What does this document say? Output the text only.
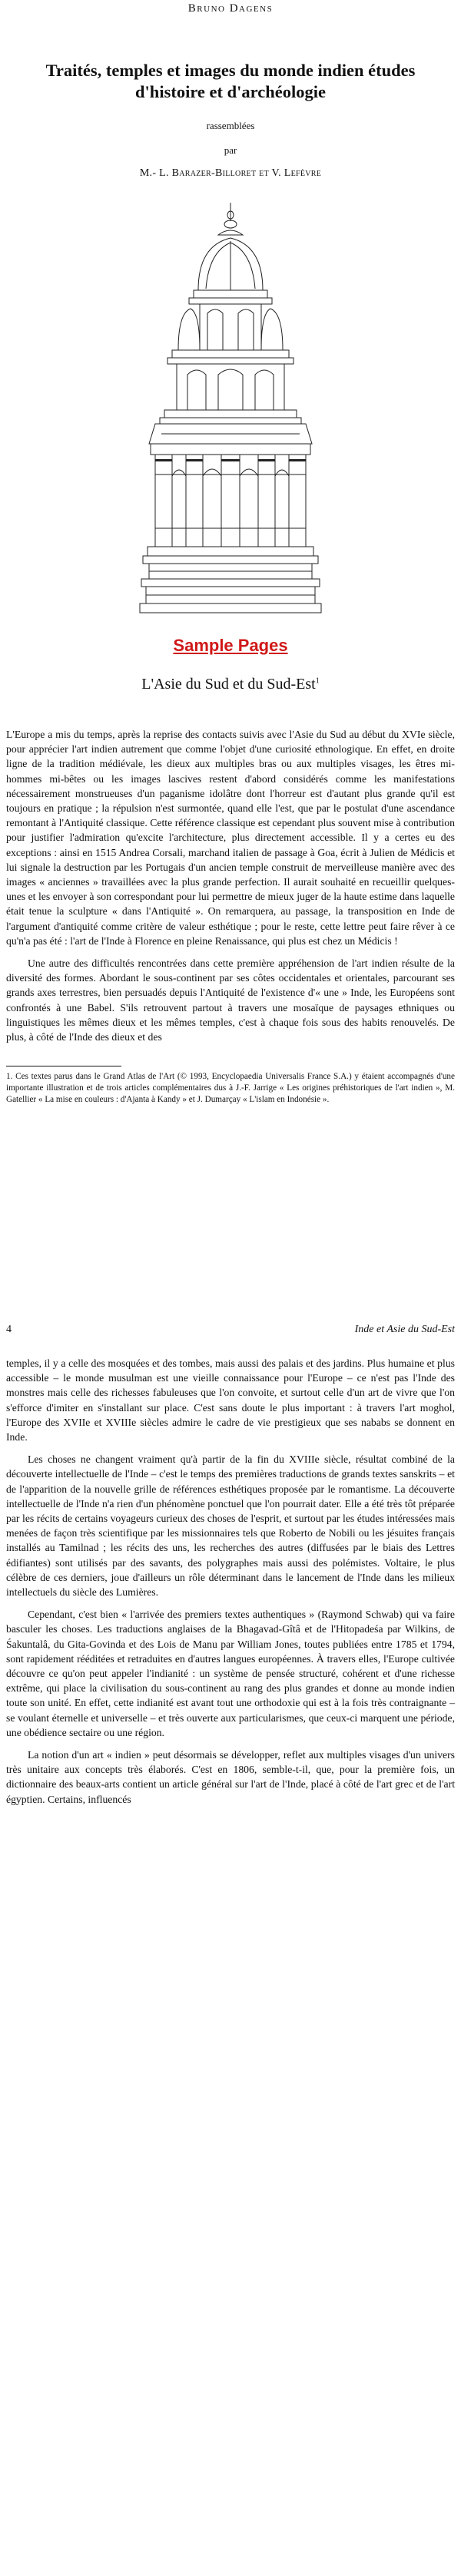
Bruno Dagens
Traités, temples et images du monde indien études d'histoire et d'archéologie
rassemblées
par
M.- L. Barazer-Billoret et V. Lefèvre
Sample Pages
L'Asie du Sud et du Sud-Est$^1$

L'Europe a mis du temps, après la reprise des contacts suivis avec l'Asie du Sud au début du XVIe siècle, pour apprécier l'art indien autrement que comme l'objet d'une curiosité ethnologique. En effet, en droite ligne de la tradition médiévale, les dieux aux multiples bras ou aux multiples visages, les êtres mi-hommes mi-bêtes ou les images lascives restent d'abord considérés comme les manifestations nécessairement monstrueuses d'un paganisme idolâtre dont l'horreur est d'autant plus grande qu'il est toujours en pratique ; la répulsion n'est surmontée, quand elle l'est, que par le postulat d'une ascendance remontant à l'Antiquité classique. Cette référence classique est cependant plus souvent mise à contribution pour justifier l'admiration qu'excite l'architecture, plus directement accessible. Il y a certes eu des exceptions : ainsi en 1515 Andrea Corsali, marchand italien de passage à Goa, écrit à Julien de Médicis et lui signale la destruction par les Portugais d'un ancien temple construit de merveilleuse manière avec des images « anciennes » travaillées avec la plus grande perfection. Il aurait souhaité en recueillir quelques-unes et les envoyer à son correspondant pour lui permettre de mieux juger de la haute estime dans laquelle était tenue la sculpture « dans l'Antiquité ». On remarquera, au passage, la transposition en Inde de l'argument d'antiquité comme critère de valeur esthétique ; pour le reste, cette lettre peut faire rêver à ce qu'n'a pas été : l'art de l'Inde à Florence en pleine Renaissance, qui plus est chez un Médicis !

Une autre des difficultés rencontrées dans cette première appréhension de l'art indien résulte de la diversité des formes. Abordant le sous-continent par ses côtes occidentales et orientales, parcourant ses grands axes terrestres, bien persuadés depuis l'Antiquité de l'existence d'« une » Inde, les Européens sont confrontés à une Babel. S'ils retrouvent partout à travers une mosaïque de paysages ethniques ou linguistiques les mêmes dieux et les mêmes temples, c'est à chaque fois sous des habits renouvelés. De plus, à côté de l'Inde des dieux et des

1. Ces textes parus dans le Grand Atlas de l'Art (© 1993, Encyclopaedia Universalis France S.A.) y étaient accompagnés d'une importante illustration et de trois articles complémentaires dus à J.-F. Jarrige « Les origines préhistoriques de l'art indien », M. Gatellier « La mise en couleurs : d'Ajanta à Kandy » et J. Dumarçay « L'islam en Indonésie ».

4	Inde et Asie du Sud-Est

temples, il y a celle des mosquées et des tombes, mais aussi des palais et des jardins. Plus humaine et plus accessible – le monde musulman est une vieille connaissance pour l'Europe – ce n'est pas l'Inde des monstres mais celle des richesses fabuleuses que l'on convoite, et surtout celle d'un art de vivre que l'on s'efforce d'imiter en s'installant sur place. C'est sans doute le plus important : à travers l'art moghol, l'Europe des XVIIe et XVIIIe siècles admire le cadre de vie prestigieux que ses nababs se donnent en Inde.

Les choses ne changent vraiment qu'à partir de la fin du XVIIIe siècle, résultat combiné de la découverte intellectuelle de l'Inde – c'est le temps des premières traductions de grands textes sanskrits – et de l'apparition de la nouvelle grille de références esthétiques proposée par le romantisme. La découverte intellectuelle de l'Inde n'a rien d'un phénomène ponctuel que l'on pourrait dater. Elle a été très tôt préparée par les récits de certains voyageurs curieux des choses de l'esprit, et surtout par les études intéressées mais menées de façon très scientifique par les missionnaires tels que Roberto de Nobili ou les jésuites français installés au Tamilnad ; les récits des uns, les recherches des autres (diffusées par le biais des Lettres édifiantes) sont utilisés par des savants, des polygraphes mais aussi des polémistes. Voltaire, le plus célèbre de ces derniers, joue d'ailleurs un rôle déterminant dans le lancement de l'Inde dans les milieux intellectuels du siècle des Lumières.

Cependant, c'est bien « l'arrivée des premiers textes authentiques » (Raymond Schwab) qui va faire basculer les choses. Les traductions anglaises de la Bhagavad-Gîtâ et de l'Hitopadeśa par Wilkins, de Śakuntalâ, du Gita-Govinda et des Lois de Manu par William Jones, toutes publiées entre 1785 et 1794, sont rapidement rééditées et retraduites en d'autres langues européennes. À travers elles, l'Europe cultivée découvre ce qu'on peut appeler l'indianité : un système de pensée structuré, cohérent et d'une richesse extrême, qui place la civilisation du sous-continent au rang des plus grandes et donne au monde indien toute son unité. En effet, cette indianité est avant tout une orthodoxie qui est à la fois très contraignante – se voulant éternelle et universelle – et très ouverte aux particularismes, que ceux-ci marquent une période, une obédience sectaire ou une région.

La notion d'un art « indien » peut désormais se développer, reflet aux multiples visages d'un univers très unitaire aux concepts très élaborés. C'est en 1806, semble-t-il, que, pour la première fois, un dictionnaire des beaux-arts contient un article général sur l'art de l'Inde, placé à côté de l'art grec et de l'art égyptien. Certains, influencés
